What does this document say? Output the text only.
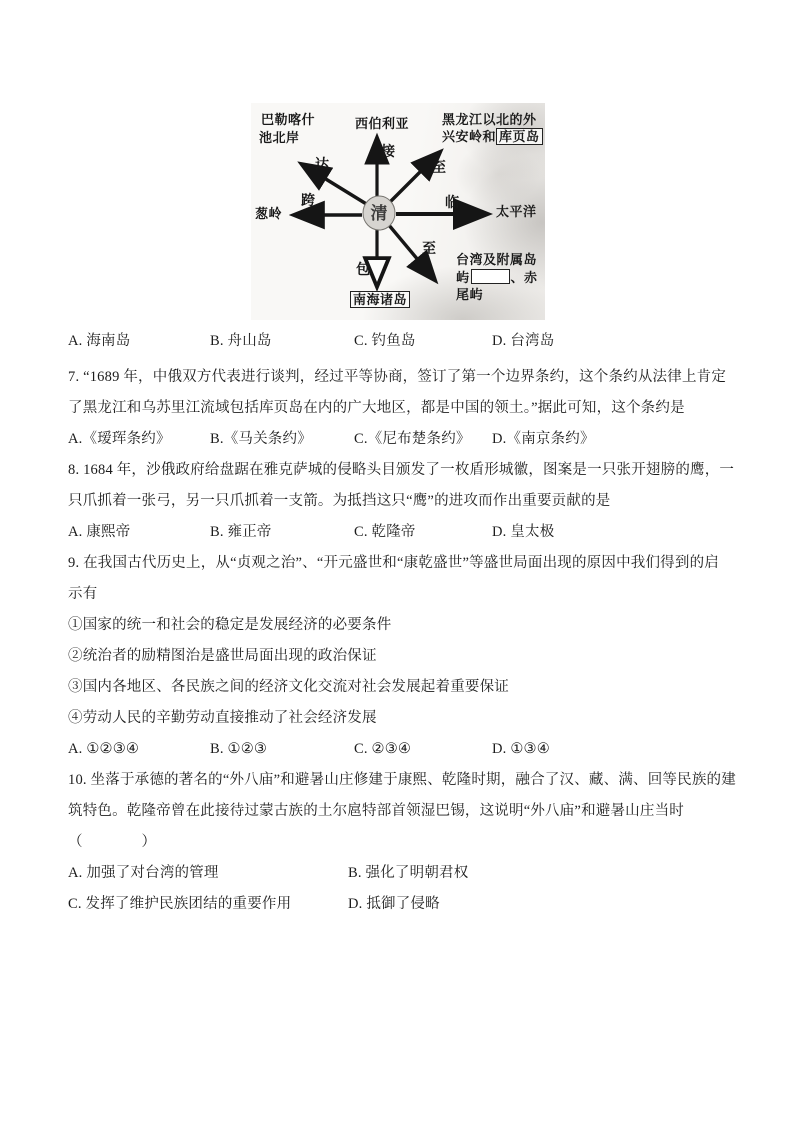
清
巴勒喀什
池北岸
西伯利亚	黑龙江以北的外
兴安岭和 库页岛
达
接
至
跨	临
至
包
葱岭	太平洋
台湾及附属岛
屿	、赤
尾屿
南海诸岛
A. 海南岛	B. 舟山岛	C. 钓鱼岛	D. 台湾岛
7. “1689 年，中俄双方代表进行谈判，经过平等协商，签订了第一个边界条约，这个条约从法律上肯定
了黑龙江和乌苏里江流域包括库页岛在内的广大地区，都是中国的领土。”据此可知，这个条约是
A.《瑷珲条约》	B.《马关条约》	C.《尼布楚条约》 D.《南京条约》
8. 1684 年，沙俄政府给盘踞在雅克萨城的侵略头目颁发了一枚盾形城徽，图案是一只张开翅膀的鹰，一
只爪抓着一张弓，另一只爪抓着一支箭。为抵挡这只“鹰”的进攻而作出重要贡献的是
A. 康熙帝	B. 雍正帝	C. 乾隆帝	D. 皇太极
9. 在我国古代历史上，从“贞观之治”、“开元盛世和“康乾盛世”等盛世局面出现的原因中我们得到的启
示有
①国家的统一和社会的稳定是发展经济的必要条件
②统治者的励精图治是盛世局面出现的政治保证
③国内各地区、各民族之间的经济文化交流对社会发展起着重要保证
④劳动人民的辛勤劳动直接推动了社会经济发展
A. ①②③④	B. ①②③	C. ②③④	D. ①③④
10. 坐落于承德的著名的“外八庙”和避暑山庄修建于康熙、乾隆时期，融合了汉、藏、满、回等民族的建
筑特色。乾隆帝曾在此接待过蒙古族的土尔扈特部首领湿巴锡，这说明“外八庙”和避暑山庄当时
（　　　　）
A. 加强了对台湾的管理	B. 强化了明朝君权
C. 发挥了维护民族团结的重要作用	D. 抵御了侵略
